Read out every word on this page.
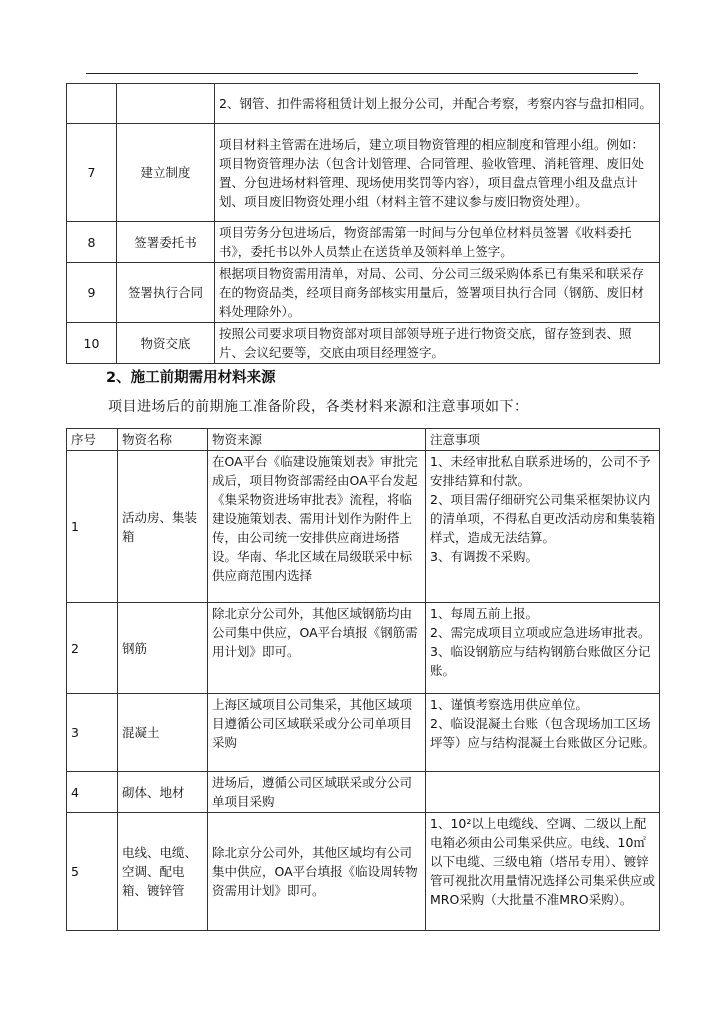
		2、钢管、扣件需将租赁计划上报分公司，并配合考察，考察内容与盘扣相同。
7	建立制度	项目材料主管需在进场后，建立项目物资管理的相应制度和管理小组。例如：项目物资管理办法（包含计划管理、合同管理、验收管理、消耗管理、废旧处置、分包进场材料管理、现场使用奖罚等内容），项目盘点管理小组及盘点计划、项目废旧物资处理小组（材料主管不建议参与废旧物资处理）。
8	签署委托书	项目劳务分包进场后，物资部需第一时间与分包单位材料员签署《收料委托书》，委托书以外人员禁止在送货单及领料单上签字。
9	签署执行合同	根据项目物资需用清单，对局、公司、分公司三级采购体系已有集采和联采存在的物资品类，经项目商务部核实用量后，签署项目执行合同（钢筋、废旧材料处理除外）。
10	物资交底	按照公司要求项目物资部对项目部领导班子进行物资交底，留存签到表、照片、会议纪要等，交底由项目经理签字。
2、施工前期需用材料来源
项目进场后的前期施工准备阶段，各类材料来源和注意事项如下：
序号	物资名称	物资来源	注意事项
1	活动房、集装箱	在OA平台《临建设施策划表》审批完成后，项目物资部需经由OA平台发起《集采物资进场审批表》流程，将临建设施策划表、需用计划作为附件上传，由公司统一安排供应商进场搭设。华南、华北区域在局级联采中标供应商范围内选择	1、未经审批私自联系进场的，公司不予安排结算和付款。
2、项目需仔细研究公司集采框架协议内的清单项，不得私自更改活动房和集装箱样式，造成无法结算。
3、有调拨不采购。
2	钢筋	除北京分公司外，其他区域钢筋均由公司集中供应，OA平台填报《钢筋需用计划》即可。	1、每周五前上报。
2、需完成项目立项或应急进场审批表。
3、临设钢筋应与结构钢筋台账做区分记账。
3	混凝土	上海区域项目公司集采，其他区域项目遵循公司区域联采或分公司单项目采购	1、谨慎考察选用供应单位。
2、临设混凝土台账（包含现场加工区场坪等）应与结构混凝土台账做区分记账。
4	砌体、地材	进场后，遵循公司区域联采或分公司单项目采购	
5	电线、电缆、空调、配电箱、镀锌管	除北京分公司外，其他区域均有公司集中供应，OA平台填报《临设周转物资需用计划》即可。	1、10²以上电缆线、空调、二级以上配电箱必须由公司集采供应。电线、10㎡以下电缆、三级电箱（塔吊专用）、镀锌管可视批次用量情况选择公司集采供应或MRO采购（大批量不准MRO采购）。
